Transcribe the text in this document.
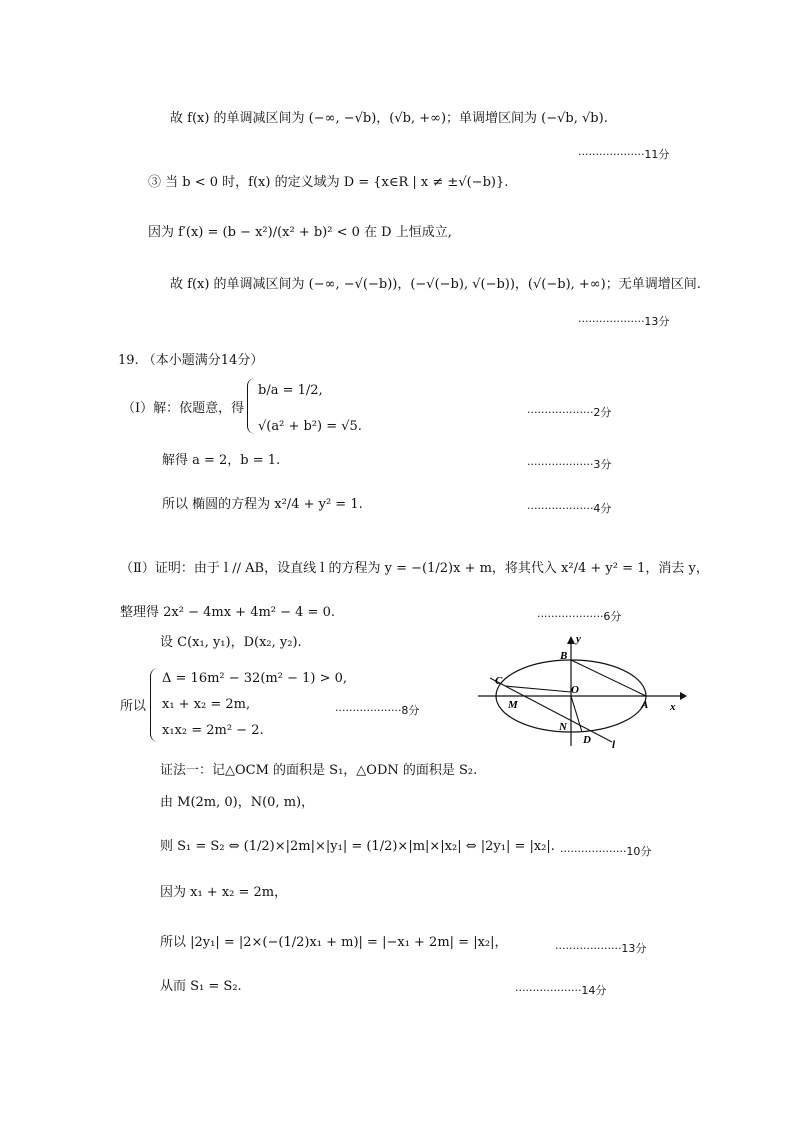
故 f(x) 的单调减区间为 (−∞, −√b)，(√b, +∞)；单调增区间为 (−√b, √b).
···················11分
③ 当 b < 0 时，f(x) 的定义域为 D = {x∈R | x ≠ ±√(−b)}.
因为 f′(x) = (b − x²)/(x² + b)² < 0 在 D 上恒成立,
故 f(x) 的单调减区间为 (−∞, −√(−b))，(−√(−b), √(−b))，(√(−b), +∞)；无单调增区间.
···················13分
19. （本小题满分14分）
（Ⅰ）解：依题意，得
b/a = 1/2,
√(a² + b²) = √5.
···················2分
解得 a = 2，b = 1.	···················3分
所以 椭圆的方程为 x²/4 + y² = 1.	···················4分
（Ⅱ）证明：由于 l // AB，设直线 l 的方程为 y = −(1/2)x + m，将其代入 x²/4 + y² = 1，消去 y，
整理得 2x² − 4mx + 4m² − 4 = 0.	···················6分
设 C(x₁, y₁)，D(x₂, y₂).
所以
Δ = 16m² − 32(m² − 1) > 0,
x₁ + x₂ = 2m,
x₁x₂ = 2m² − 2.
···················8分
y
x
B
C
O
M	A
N
D l
证法一：记△OCM 的面积是 S₁，△ODN 的面积是 S₂.
由 M(2m, 0)，N(0, m)，
则 S₁ = S₂ ⇔ (1/2)×|2m|×|y₁| = (1/2)×|m|×|x₂| ⇔ |2y₁| = |x₂|. ···················10分
因为 x₁ + x₂ = 2m，
所以 |2y₁| = |2×(−(1/2)x₁ + m)| = |−x₁ + 2m| = |x₂|，	···················13分
从而 S₁ = S₂.	···················14分
